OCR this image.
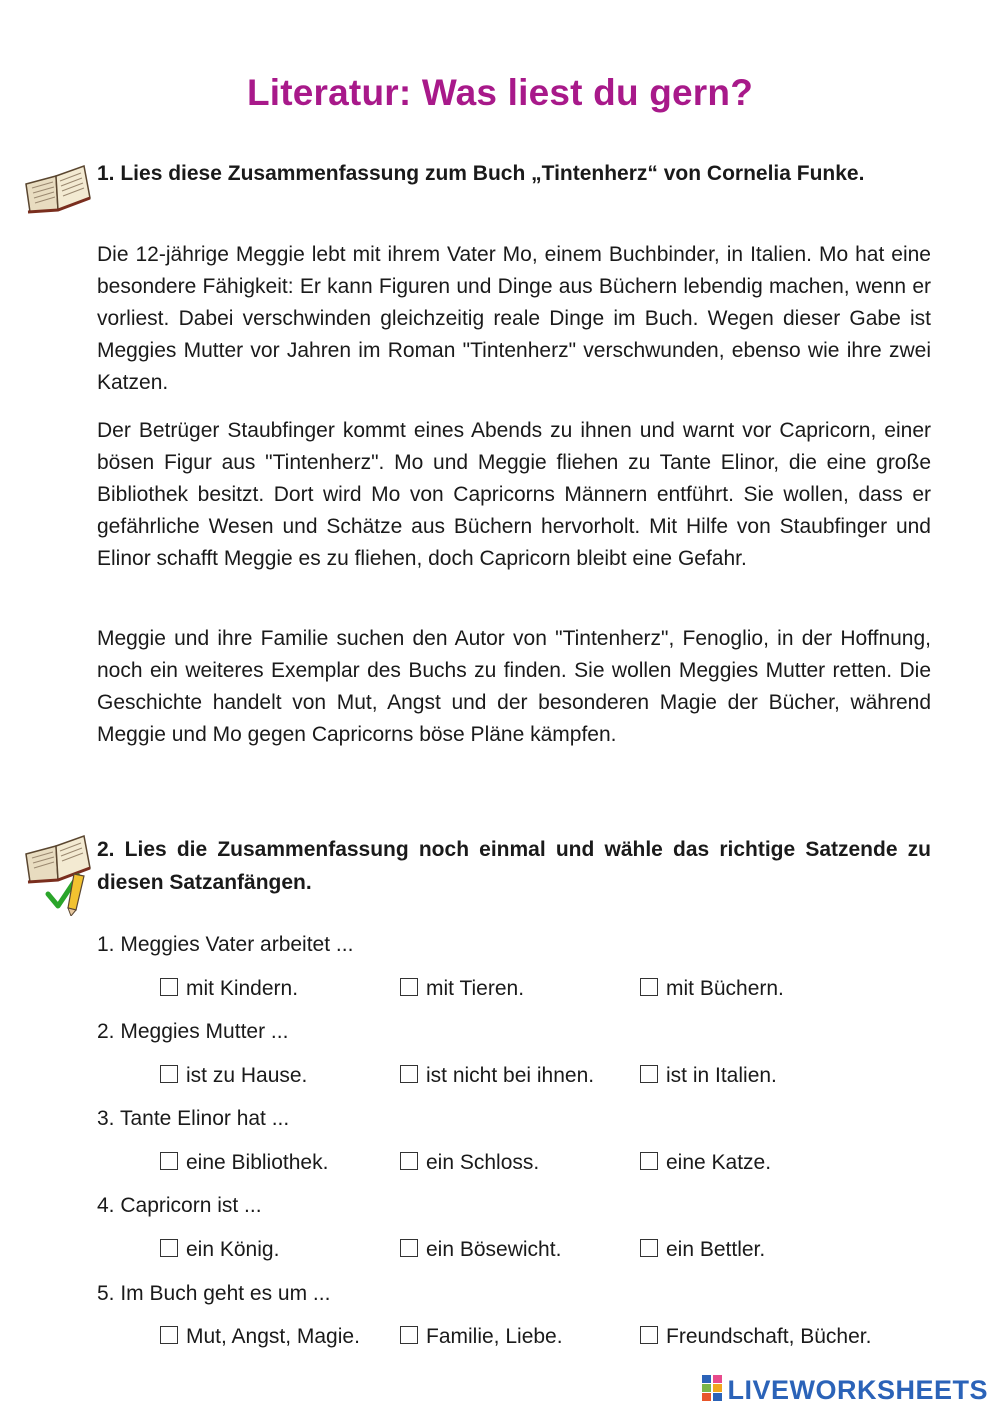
Literatur: Was liest du gern?

1. Lies diese Zusammenfassung zum Buch „Tintenherz“ von Cornelia Funke.

Die 12-jährige Meggie lebt mit ihrem Vater Mo, einem Buchbinder, in Italien. Mo hat eine besondere Fähigkeit: Er kann Figuren und Dinge aus Büchern lebendig machen, wenn er vorliest. Dabei verschwinden gleichzeitig reale Dinge im Buch. Wegen dieser Gabe ist Meggies Mutter vor Jahren im Roman "Tintenherz" verschwunden, ebenso wie ihre zwei Katzen.

Der Betrüger Staubfinger kommt eines Abends zu ihnen und warnt vor Capricorn, einer bösen Figur aus "Tintenherz". Mo und Meggie fliehen zu Tante Elinor, die eine große Bibliothek besitzt. Dort wird Mo von Capricorns Männern entführt. Sie wollen, dass er gefährliche Wesen und Schätze aus Büchern hervorholt. Mit Hilfe von Staubfinger und Elinor schafft Meggie es zu fliehen, doch Capricorn bleibt eine Gefahr.

Meggie und ihre Familie suchen den Autor von "Tintenherz", Fenoglio, in der Hoffnung, noch ein weiteres Exemplar des Buchs zu finden. Sie wollen Meggies Mutter retten. Die Geschichte handelt von Mut, Angst und der besonderen Magie der Bücher, während Meggie und Mo gegen Capricorns böse Pläne kämpfen.

2. Lies die Zusammenfassung noch einmal und wähle das richtige Satzende zu diesen Satzanfängen.

1. Meggies Vater arbeitet ...

mit Kindern.	mit Tieren.	mit Büchern.

2. Meggies Mutter ...

ist zu Hause.	ist nicht bei ihnen.	ist in Italien.

3. Tante Elinor hat ...

eine Bibliothek.	ein Schloss.	eine Katze.

4. Capricorn ist ...

ein König.	ein Bösewicht.	ein Bettler.

5. Im Buch geht es um ...

Mut, Angst, Magie.	Familie, Liebe.	Freundschaft, Bücher.
LIVEWORKSHEETS
